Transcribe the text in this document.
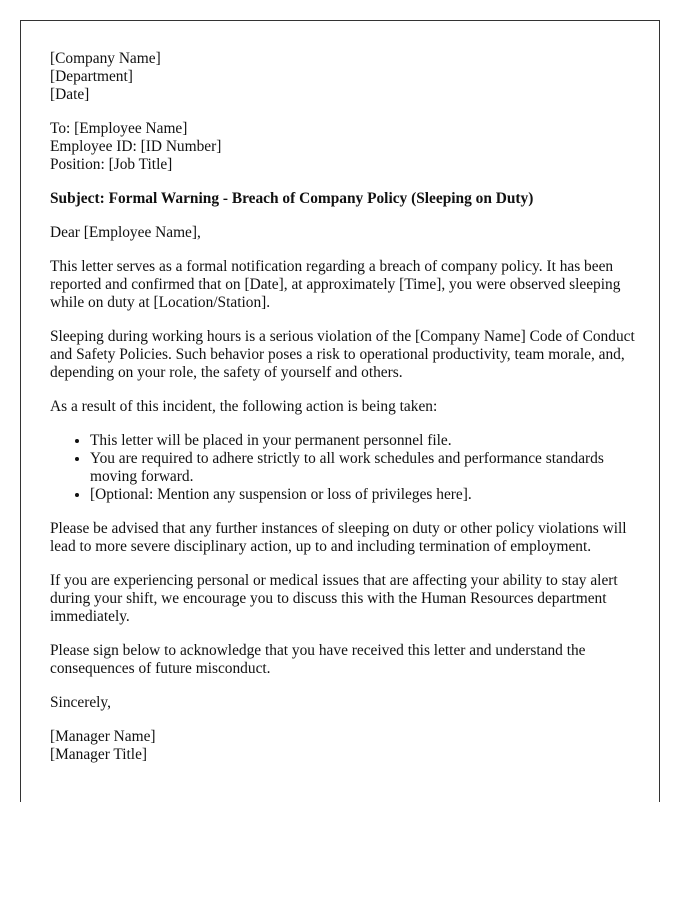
[Company Name]
[Department]
[Date]
To: [Employee Name]
Employee ID: [ID Number]
Position: [Job Title]

Subject: Formal Warning - Breach of Company Policy (Sleeping on Duty)

Dear [Employee Name],

This letter serves as a formal notification regarding a breach of company policy. It has been reported and confirmed that on [Date], at approximately [Time], you were observed sleeping while on duty at [Location/Station].

Sleeping during working hours is a serious violation of the [Company Name] Code of Conduct and Safety Policies. Such behavior poses a risk to operational productivity, team morale, and, depending on your role, the safety of yourself and others.

As a result of this incident, the following action is being taken:

• This letter will be placed in your permanent personnel file.
• You are required to adhere strictly to all work schedules and performance standards moving forward.
• [Optional: Mention any suspension or loss of privileges here].

Please be advised that any further instances of sleeping on duty or other policy violations will lead to more severe disciplinary action, up to and including termination of employment.

If you are experiencing personal or medical issues that are affecting your ability to stay alert during your shift, we encourage you to discuss this with the Human Resources department immediately.

Please sign below to acknowledge that you have received this letter and understand the consequences of future misconduct.

Sincerely,

[Manager Name]
[Manager Title]
